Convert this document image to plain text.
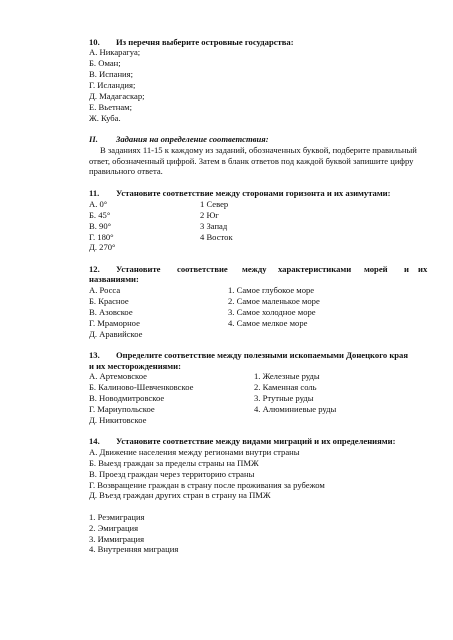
10. Из перечня выберите островные государства:
А. Никарагуа;
Б. Оман;
В. Испания;
Г. Исландия;
Д. Мадагаскар;
Е. Вьетнам;
Ж. Куба.
II. Задания на определение соответствия:
В заданиях 11-15 к каждому из заданий, обозначенных буквой, подберите правильный
ответ, обозначенный цифрой. Затем в бланк ответов под каждой буквой запишите цифру
правильного ответа.
11. Установите соответствие между сторонами горизонта и их азимутами:
А. 0°
Б. 45°
В. 90°
Г. 180°
Д. 270°
1 Север
2 Юг
3 Запад
4 Восток
12. Установите соответствие между характеристиками морей и их
названиями:
А. Росса
Б. Красное
В. Азовское
Г. Мраморное
Д. Аравийское
1. Самое глубокое море
2. Самое маленькое море
3. Самое холодное море
4. Самое мелкое море
13. Определите соответствие между полезными ископаемыми Донецкого края
и их месторождениями:
А. Артемовское
Б. Калиново-Шевченковское
В. Новодмитровское
Г. Мариупольское
Д. Никитовское
1. Железные руды
2. Каменная соль
3. Ртутные руды
4. Алюминиевые руды
14. Установите соответствие между видами миграций и их определениями:
А. Движение населения между регионами внутри страны
Б. Выезд граждан за пределы страны на ПМЖ
В. Проезд граждан через территорию страны
Г. Возвращение граждан в страну после проживания за рубежом
Д. Въезд граждан других стран в страну на ПМЖ
1. Реэмиграция
2. Эмиграция
3. Иммиграция
4. Внутренняя миграция
